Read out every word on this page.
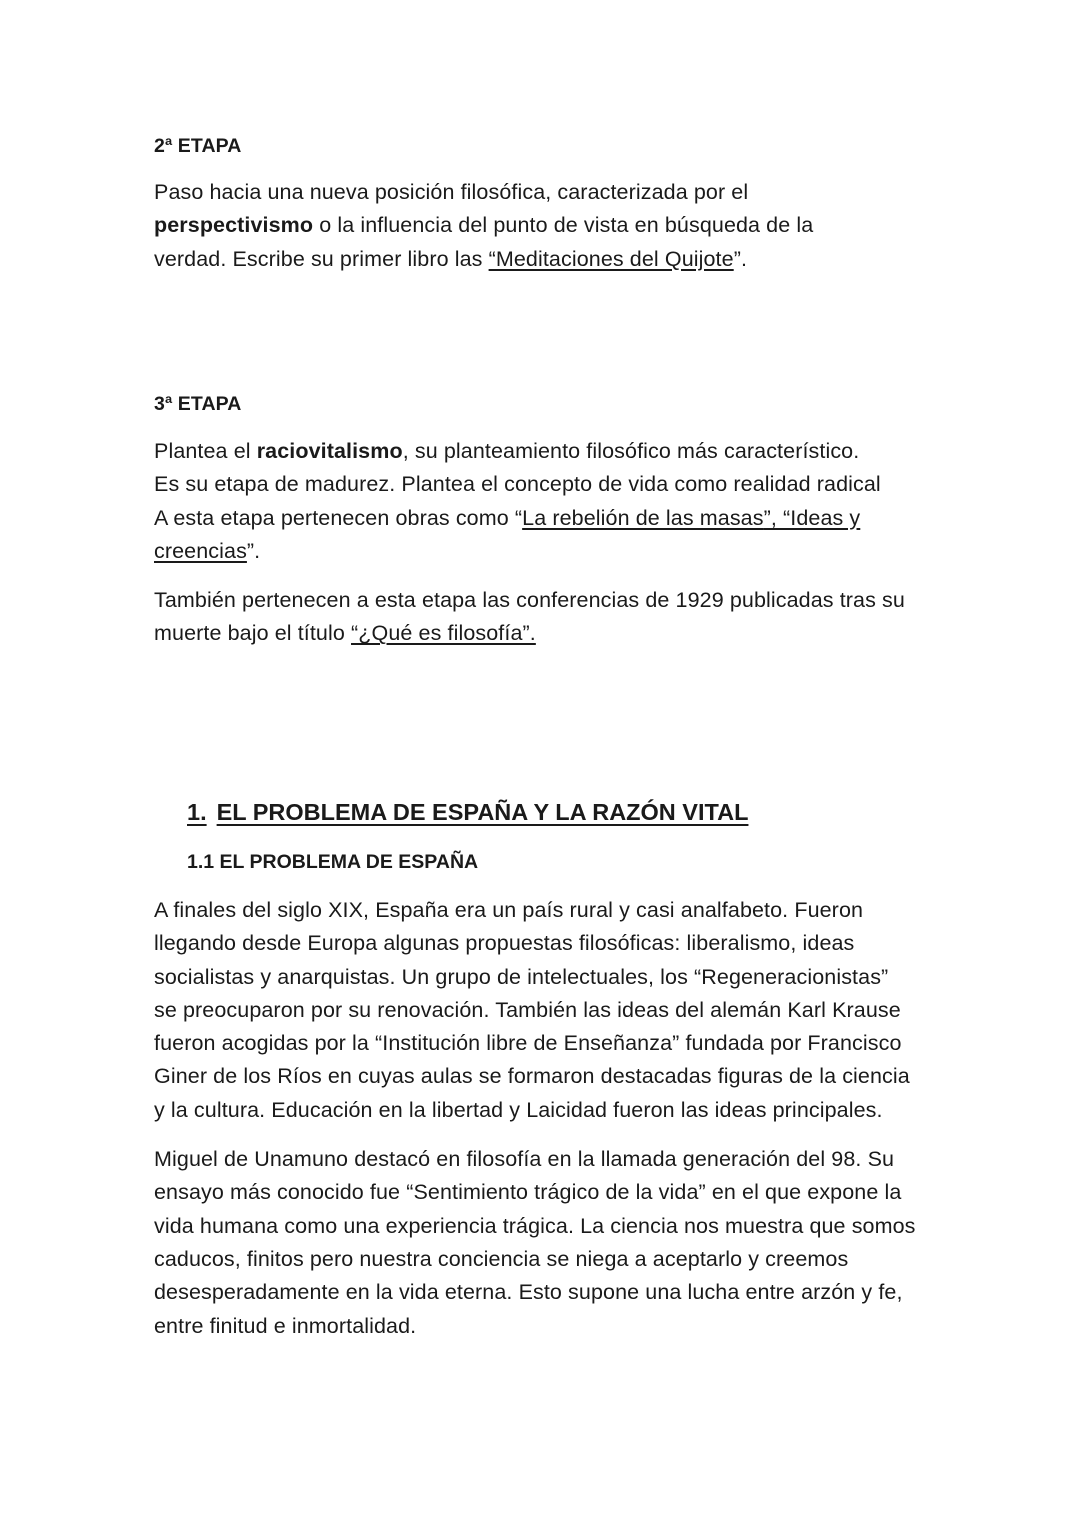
2ª ETAPA

Paso hacia una nueva posición filosófica, caracterizada por el perspectivismo o la influencia del punto de vista en búsqueda de la verdad. Escribe su primer libro las “Meditaciones del Quijote”.

3ª ETAPA

Plantea el raciovitalismo, su planteamiento filosófico más característico.
Es su etapa de madurez. Plantea el concepto de vida como realidad radical
A esta etapa pertenecen obras como “La rebelión de las masas”, “Ideas y creencias”.

También pertenecen a esta etapa las conferencias de 1929 publicadas tras su muerte bajo el título “¿Qué es filosofía”.

1. EL PROBLEMA DE ESPAÑA Y LA RAZÓN VITAL
1.1 EL PROBLEMA DE ESPAÑA

A finales del siglo XIX, España era un país rural y casi analfabeto. Fueron llegando desde Europa algunas propuestas filosóficas: liberalismo, ideas socialistas y anarquistas. Un grupo de intelectuales, los “Regeneracionistas” se preocuparon por su renovación. También las ideas del alemán Karl Krause fueron acogidas por la “Institución libre de Enseñanza” fundada por Francisco Giner de los Ríos en cuyas aulas se formaron destacadas figuras de la ciencia y la cultura. Educación en la libertad y Laicidad fueron las ideas principales.

Miguel de Unamuno destacó en filosofía en la llamada generación del 98. Su ensayo más conocido fue “Sentimiento trágico de la vida” en el que expone la vida humana como una experiencia trágica. La ciencia nos muestra que somos caducos, finitos pero nuestra conciencia se niega a aceptarlo y creemos desesperadamente en la vida eterna. Esto supone una lucha entre arzón y fe, entre finitud e inmortalidad.
